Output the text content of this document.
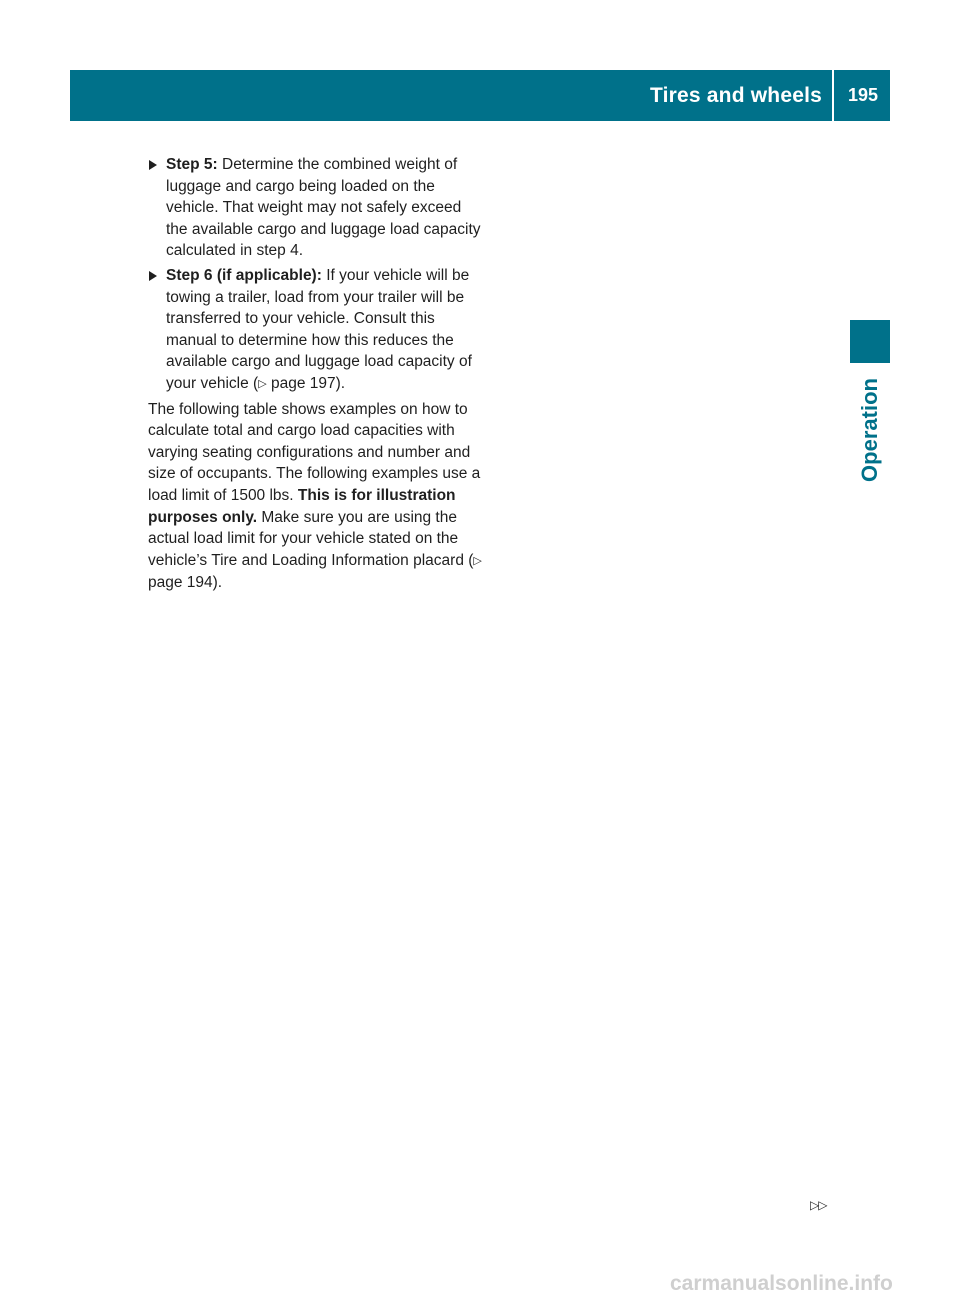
Tires and wheels	195
Operation
Step 5: Determine the combined weight of luggage and cargo being loaded on the vehicle. That weight may not safely exceed the available cargo and luggage load capacity calculated in step 4.
Step 6 (if applicable): If your vehicle will be towing a trailer, load from your trailer will be transferred to your vehicle. Consult this manual to determine how this reduces the available cargo and luggage load capacity of your vehicle (▷ page 197).
The following table shows examples on how to calculate total and cargo load capacities with varying seating configurations and number and size of occupants. The following examples use a load limit of 1500 lbs. This is for illustration purposes only. Make sure you are using the actual load limit for your vehicle stated on the vehicle’s Tire and Loading Information placard (▷ page 194).
▷▷
carmanualsonline.info
